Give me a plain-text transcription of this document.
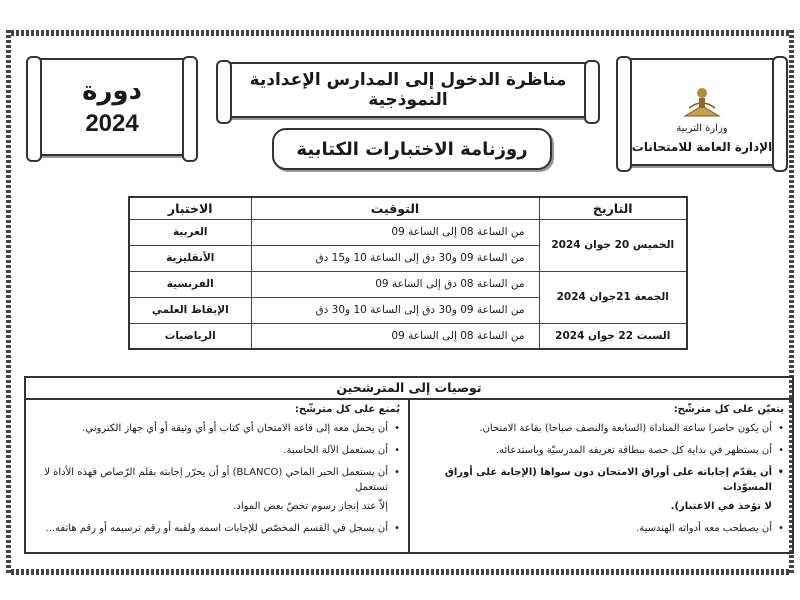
دورة
2024
مناظرة الدخول إلى المدارس الإعدادية النموذجية
روزنامة الاختبارات الكتابية
وزارة التربية
الإدارة العامة للامتحانات
التاريخ	التوقيت	الاختبار
الخميس 20 جوان 2024	من الساعة 08 إلى الساعة 09	العربية
	من الساعة 09 و30 دق إلى الساعة 10 و15 دق	الأنقليزية
الجمعة 21جوان 2024	من الساعة 08 دق إلى الساعة 09	الفرنسية
	من الساعة 09 و30 دق إلى الساعة 10 و30 دق	الإيقاظ العلمي
السبت 22 جوان 2024	من الساعة 08 إلى الساعة 09	الرياضيات
توصيات إلى المترشحين
يتعيّن على كل مترشّح:
• أن يكون حاضرا ساعة المناداة (السابعة والنصف صباحا) بقاعة الامتحان.
• أن يستظهر في بداية كل حصة ببطاقة تعريفه المدرسيّة وباستدعائه.
• أن يقدّم إجاباته على أوراق الامتحان دون سواها (الإجابة على أوراق المسوّدات
لا تؤخذ في الاعتبار).
• أن يصطحب معه أدواته الهندسية.
يُمنع على كل مترشّح:
• أن يحمل معه إلى قاعة الامتحان أي كتاب أو أي وثيقة أو أي جهاز الكتروني.
• أن يستعمل الآلة الحاسبة.
• أن يستعمل الحبر الماحي (BLANCO) أو أن يحرّر إجابته بقلم الرّصاص فهذه الأداة لا تستعمل
إلاّ عند إنجاز رسوم تخصّ بعض المواد.
• أن يسجل في القسم المخصّص للإجابات اسمه ولقبه أو رقم ترسيمه أو رقم هاتفه...
